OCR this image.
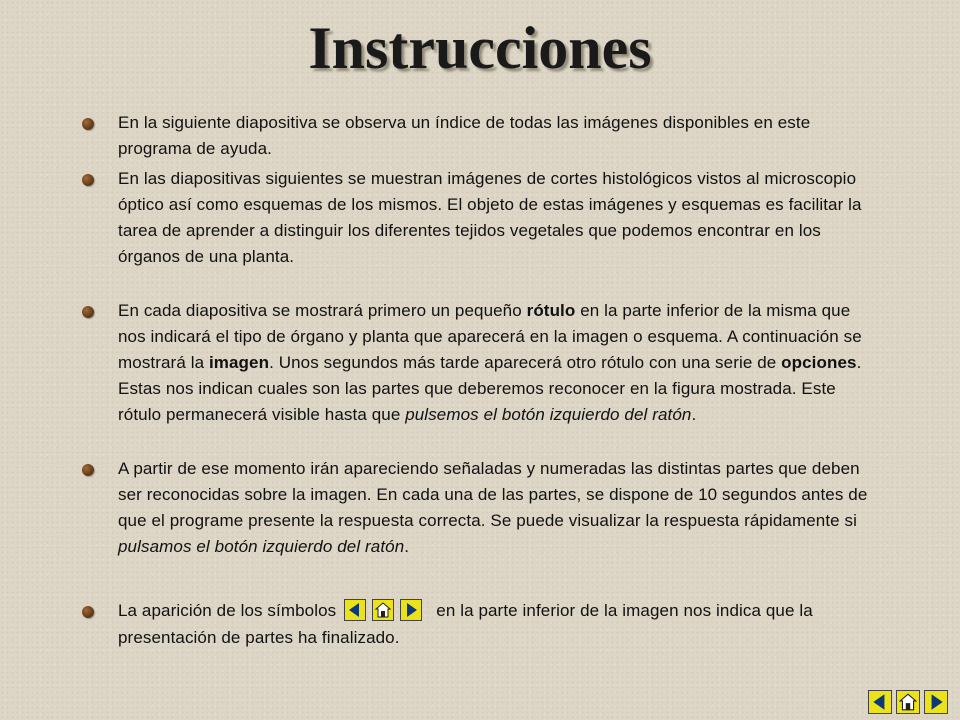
Instrucciones
En la siguiente diapositiva se observa un índice de todas las imágenes disponibles en este programa de ayuda.
En las diapositivas siguientes se muestran imágenes de cortes histológicos vistos al microscopio óptico así como esquemas de los mismos. El objeto de estas imágenes y esquemas es facilitar la tarea de aprender a distinguir los diferentes tejidos vegetales que podemos encontrar en los órganos de una planta.
En cada diapositiva se mostrará primero un pequeño rótulo en la parte inferior de la misma que nos indicará el tipo de órgano y planta que aparecerá en la imagen o esquema. A continuación se mostrará la imagen. Unos segundos más tarde aparecerá otro rótulo con una serie de opciones. Estas nos indican cuales son las partes que deberemos reconocer en la figura mostrada. Este rótulo permanecerá visible hasta que pulsemos el botón izquierdo del ratón.
A partir de ese momento irán apareciendo señaladas y numeradas las distintas partes que deben ser reconocidas sobre la imagen. En cada una de las partes, se dispone de 10 segundos antes de que el programe presente la respuesta correcta. Se puede visualizar la respuesta rápidamente si pulsamos el botón izquierdo del ratón.
La aparición de los símbolos	en la parte inferior de la imagen nos indica que la presentación de partes ha finalizado.
